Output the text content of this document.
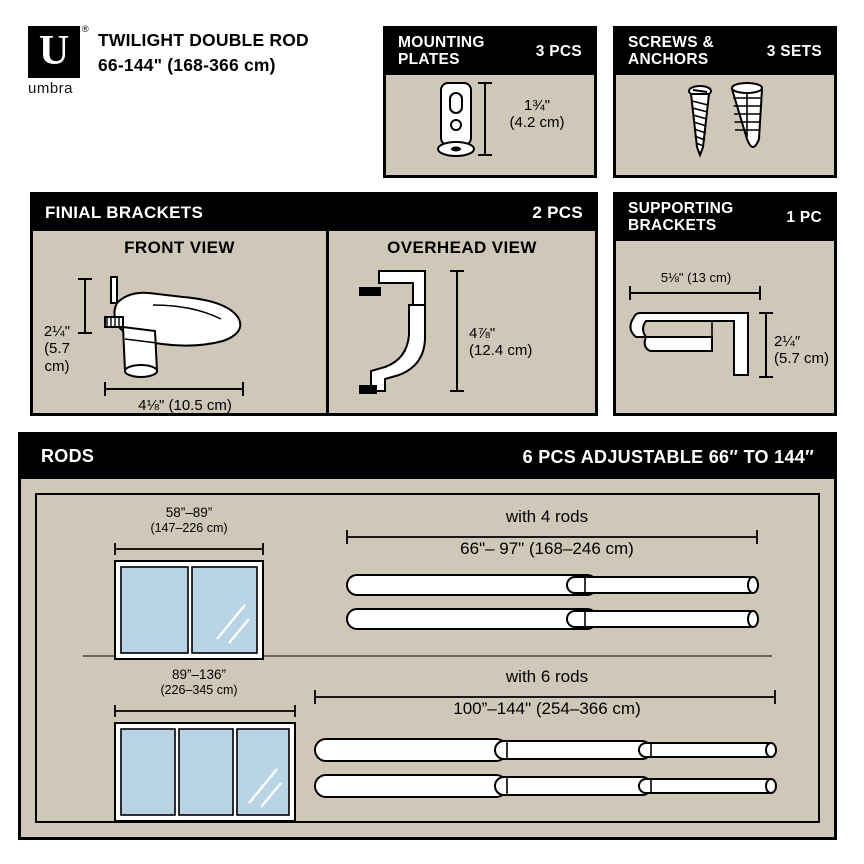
U	®
umbra
TWILIGHT DOUBLE ROD
66-144" (168-366 cm)
MOUNTING PLATES	3 PCS
1¾"
(4.2 cm)
SCREWS &
ANCHORS	3 SETS
FINIAL BRACKETS	2 PCS
FRONT VIEW
2¼"
(5.7 cm)
4⅛" (10.5 cm)
OVERHEAD VIEW
4⅞"
(12.4 cm)
SUPPORTING
BRACKETS	1 PC
5⅛" (13 cm)
2¼″
(5.7 cm)
RODS	6 PCS ADJUSTABLE 66″ TO 144″
58”–89”
(147–226 cm)
with 4 rods
66"– 97" (168–246 cm)
89”–136”
(226–345 cm)
with 6 rods
100”–144" (254–366 cm)
